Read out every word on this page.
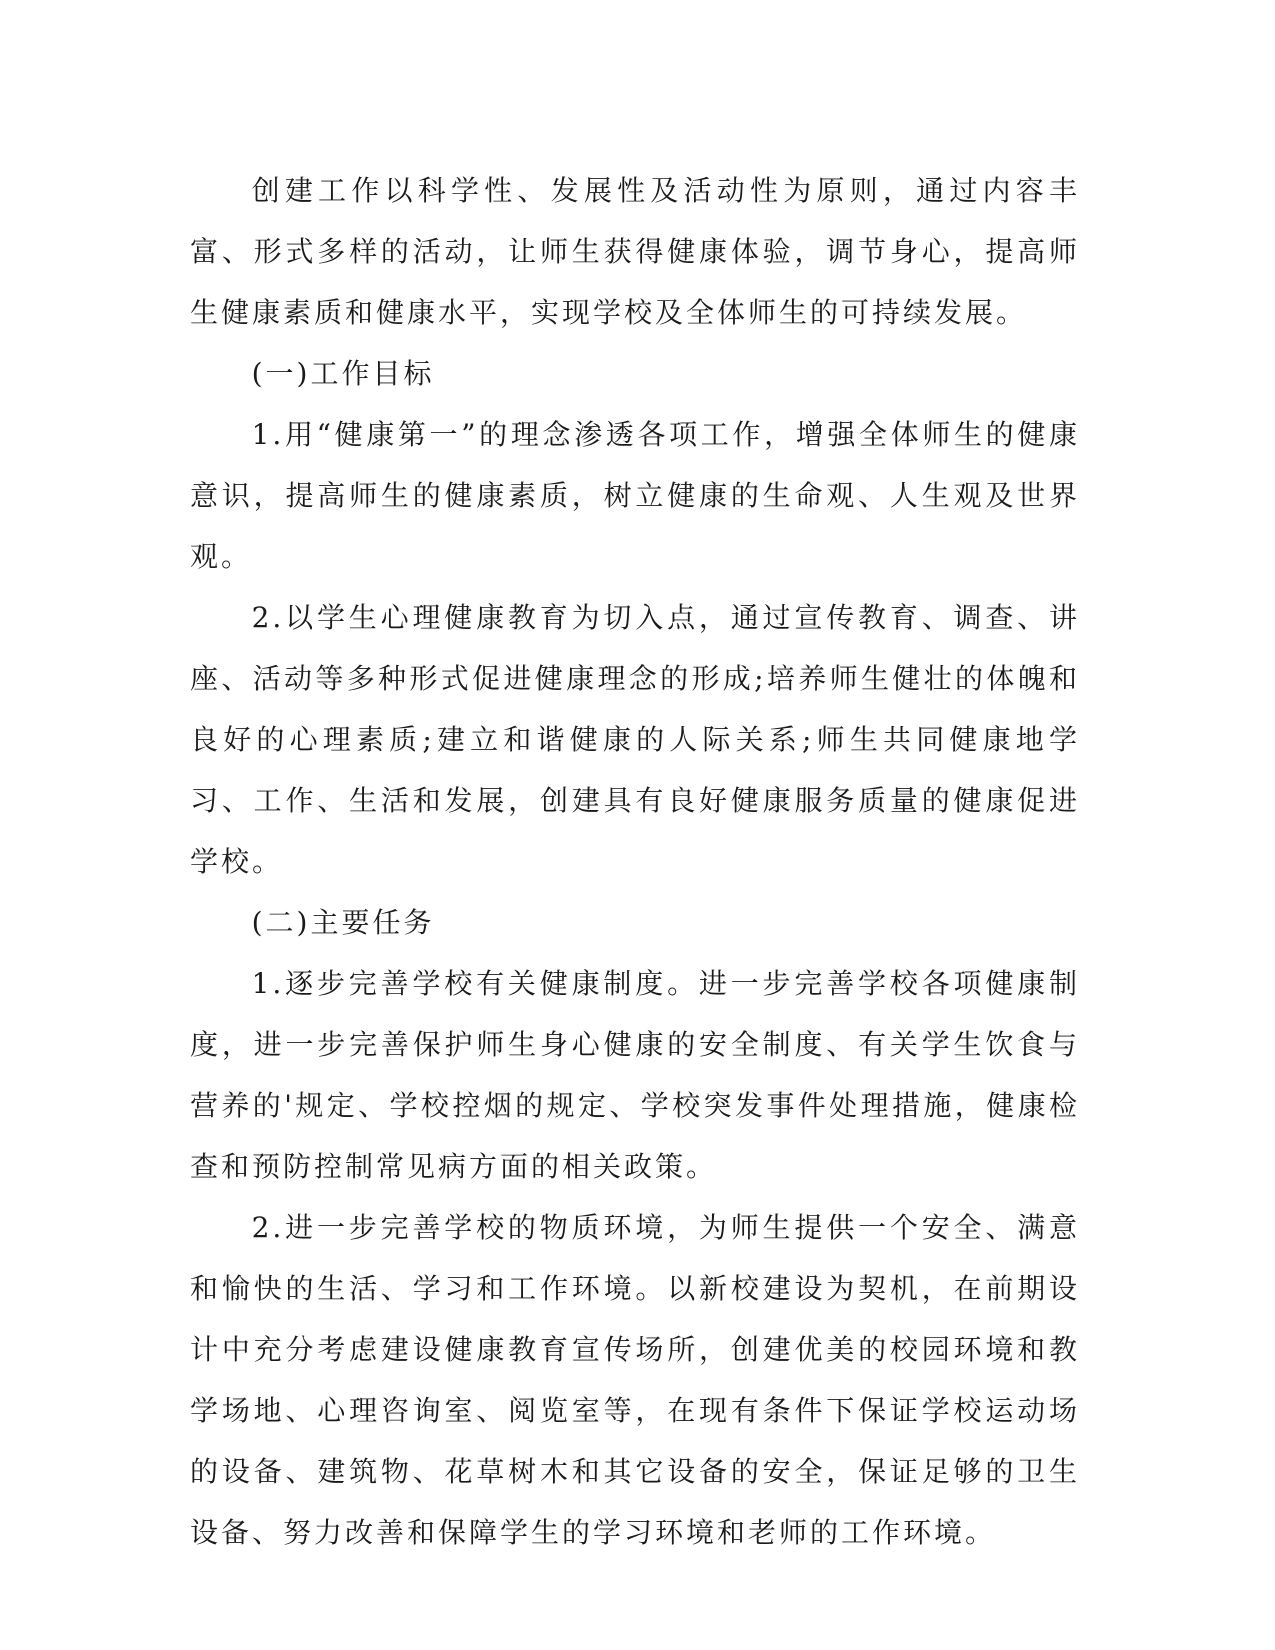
创建工作以科学性、发展性及活动性为原则，通过内容丰富、形式多样的活动，让师生获得健康体验，调节身心，提高师生健康素质和健康水平，实现学校及全体师生的可持续发展。

(一)工作目标

1.用“健康第一”的理念渗透各项工作，增强全体师生的健康意识，提高师生的健康素质，树立健康的生命观、人生观及世界观。

2.以学生心理健康教育为切入点，通过宣传教育、调查、讲座、活动等多种形式促进健康理念的形成;培养师生健壮的体魄和良好的心理素质;建立和谐健康的人际关系;师生共同健康地学习、工作、生活和发展，创建具有良好健康服务质量的健康促进学校。

(二)主要任务

1.逐步完善学校有关健康制度。进一步完善学校各项健康制度，进一步完善保护师生身心健康的安全制度、有关学生饮食与营养的'规定、学校控烟的规定、学校突发事件处理措施，健康检查和预防控制常见病方面的相关政策。

2.进一步完善学校的物质环境，为师生提供一个安全、满意和愉快的生活、学习和工作环境。以新校建设为契机，在前期设计中充分考虑建设健康教育宣传场所，创建优美的校园环境和教学场地、心理咨询室、阅览室等，在现有条件下保证学校运动场的设备、建筑物、花草树木和其它设备的安全，保证足够的卫生设备、努力改善和保障学生的学习环境和老师的工作环境。
